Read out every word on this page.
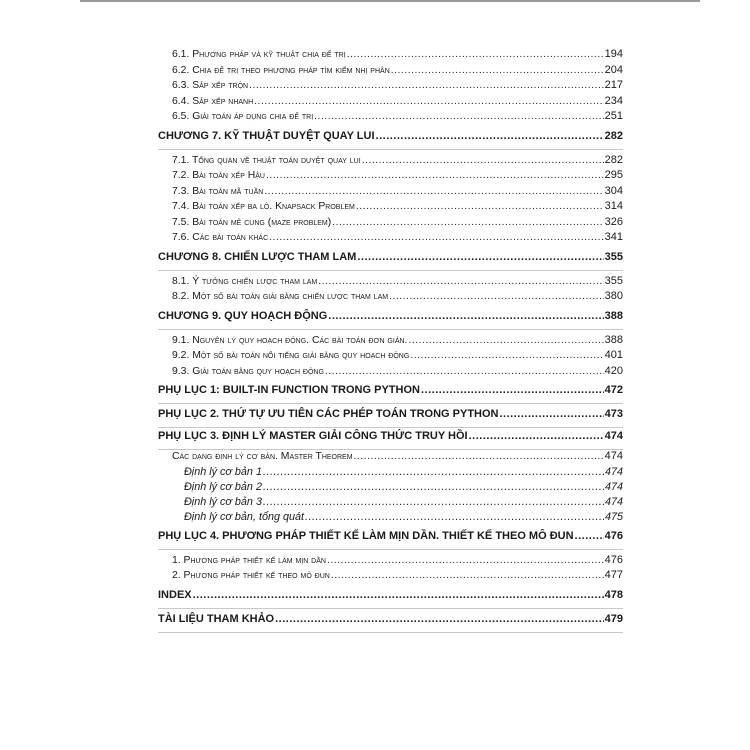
6.1. Phương pháp và kỹ thuật chia để trị .....	194
6.2. Chia để trị theo phương pháp tìm kiếm nhị phân .....	204
6.3. Sắp xếp trộn .....	217
6.4. Sắp xếp nhanh .....	234
6.5. Giải toán áp dụng chia để trị .....	251
CHƯƠNG 7. KỸ THUẬT DUYỆT QUAY LUI .....	282
7.1. Tổng quan về thuật toán duyệt quay lui .....	282
7.2. Bài toán xếp Hậu .....	295
7.3. Bài toán mã tuần .....	304
7.4. Bài toán xếp ba lô. Knapsack Problem .....	314
7.5. Bài toán mê cung (maze problem) .....	326
7.6. Các bài toán khác .....	341
CHƯƠNG 8. CHIẾN LƯỢC THAM LAM .....	355
8.1. Ý tưởng chiến lược tham lam .....	355
8.2. Một số bài toán giải bằng chiến lược tham lam .....	380
CHƯƠNG 9. QUY HOẠCH ĐỘNG .....	388
9.1. Nguyên lý quy hoạch động. Các bài toán đơn giản. .....	388
9.2. Một số bài toán nổi tiếng giải bằng quy hoạch động .....	401
9.3. Giải toán bằng quy hoạch động .....	420
PHỤ LỤC 1: BUILT-IN FUNCTION TRONG PYTHON .....	472
PHỤ LỤC 2. THỨ TỰ ƯU TIÊN CÁC PHÉP TOÁN TRONG PYTHON .....	473
PHỤ LỤC 3. ĐỊNH LÝ MASTER GIẢI CÔNG THỨC TRUY HỒI .....	474
Các dạng định lý cơ bản. Master Theorem .....	474
Định lý cơ bản 1 .....	474
Định lý cơ bản 2 .....	474
Định lý cơ bản 3 .....	474
Định lý cơ bản, tổng quát .....	475
PHỤ LỤC 4. PHƯƠNG PHÁP THIẾT KẾ LÀM MỊN DẦN. THIẾT KẾ THEO MÔ ĐUN .....	476
1. Phương pháp thiết kế làm mịn dần .....	476
2. Phương pháp thiết kế theo mô đun .....	477
INDEX .....	478
TÀI LIỆU THAM KHẢO .....	479
